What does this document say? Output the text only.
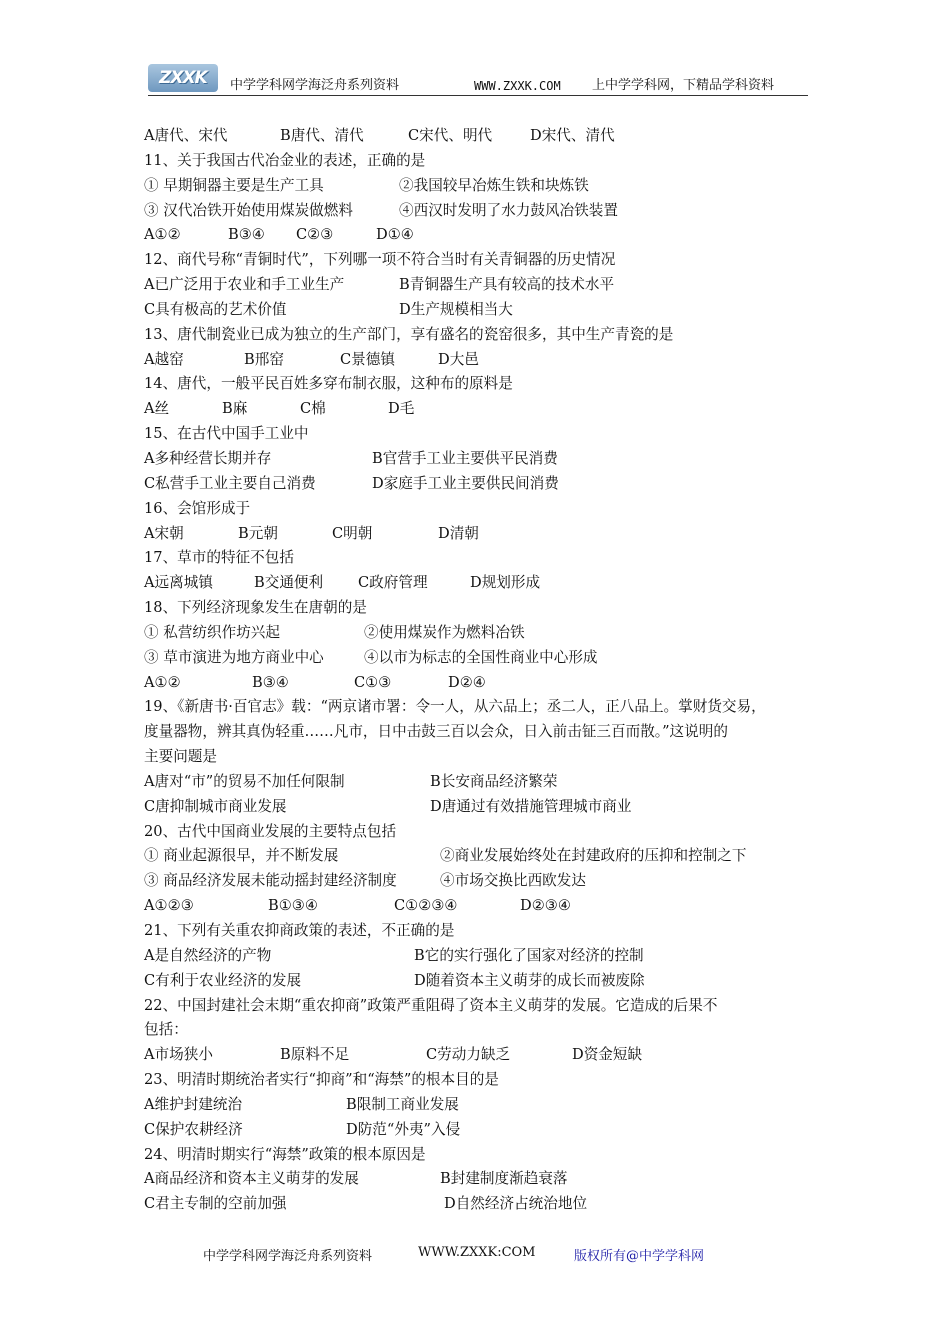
ZXXK	中学学科网学海泛舟系列资料	WWW.ZXXK.COM 上中学学科网，下精品学科资料
A唐代、宋代	B唐代、清代	C宋代、明代	D宋代、清代
11、关于我国古代冶金业的表述，正确的是
① 早期铜器主要是生产工具	②我国较早冶炼生铁和块炼铁
③ 汉代冶铁开始使用煤炭做燃料	④西汉时发明了水力鼓风冶铁装置
A①②	B③④ C②③	D①④
12、商代号称“青铜时代”，下列哪一项不符合当时有关青铜器的历史情况
A已广泛用于农业和手工业生产	B青铜器生产具有较高的技术水平
C具有极高的艺术价值	D生产规模相当大
13、唐代制瓷业已成为独立的生产部门，享有盛名的瓷窑很多，其中生产青瓷的是
A越窑	B邢窑	C景德镇	D大邑
14、唐代，一般平民百姓多穿布制衣服，这种布的原料是
A丝	B麻	C棉	D毛
15、在古代中国手工业中
A多种经营长期并存	B官营手工业主要供平民消费
C私营手工业主要自己消费	D家庭手工业主要供民间消费
16、会馆形成于
A宋朝	B元朝	C明朝	D清朝
17、草市的特征不包括
A远离城镇	B交通便利 C政府管理	D规划形成
18、下列经济现象发生在唐朝的是
① 私营纺织作坊兴起	②使用煤炭作为燃料冶铁
③ 草市演进为地方商业中心	④以市为标志的全国性商业中心形成
A①②	B③④	C①③	D②④
19、《新唐书·百官志》载：“两京诸市署：令一人，从六品上；丞二人，正八品上。掌财货交易，
度量器物，辨其真伪轻重……凡市，日中击鼓三百以会众，日入前击钲三百而散。”这说明的
主要问题是
A唐对“市”的贸易不加任何限制	B长安商品经济繁荣
C唐抑制城市商业发展	D唐通过有效措施管理城市商业
20、古代中国商业发展的主要特点包括
① 商业起源很早，并不断发展	②商业发展始终处在封建政府的压抑和控制之下
③ 商品经济发展未能动摇封建经济制度	④市场交换比西欧发达
A①②③	B①③④	C①②③④	D②③④
21、下列有关重农抑商政策的表述，不正确的是
A是自然经济的产物	B它的实行强化了国家对经济的控制
C有利于农业经济的发展	D随着资本主义萌芽的成长而被废除
22、中国封建社会末期“重农抑商”政策严重阻碍了资本主义萌芽的发展。它造成的后果不
包括：
A市场狭小	B原料不足	C劳动力缺乏	D资金短缺
23、明清时期统治者实行“抑商”和“海禁”的根本目的是
A维护封建统治	B限制工商业发展
C保护农耕经济	D防范“外夷”入侵
24、明清时期实行“海禁”政策的根本原因是
A商品经济和资本主义萌芽的发展	B封建制度渐趋衰落
C君主专制的空前加强	D自然经济占统治地位
中学学科网学海泛舟系列资料	WWW.ZXXK:COM	版权所有@中学学科网
